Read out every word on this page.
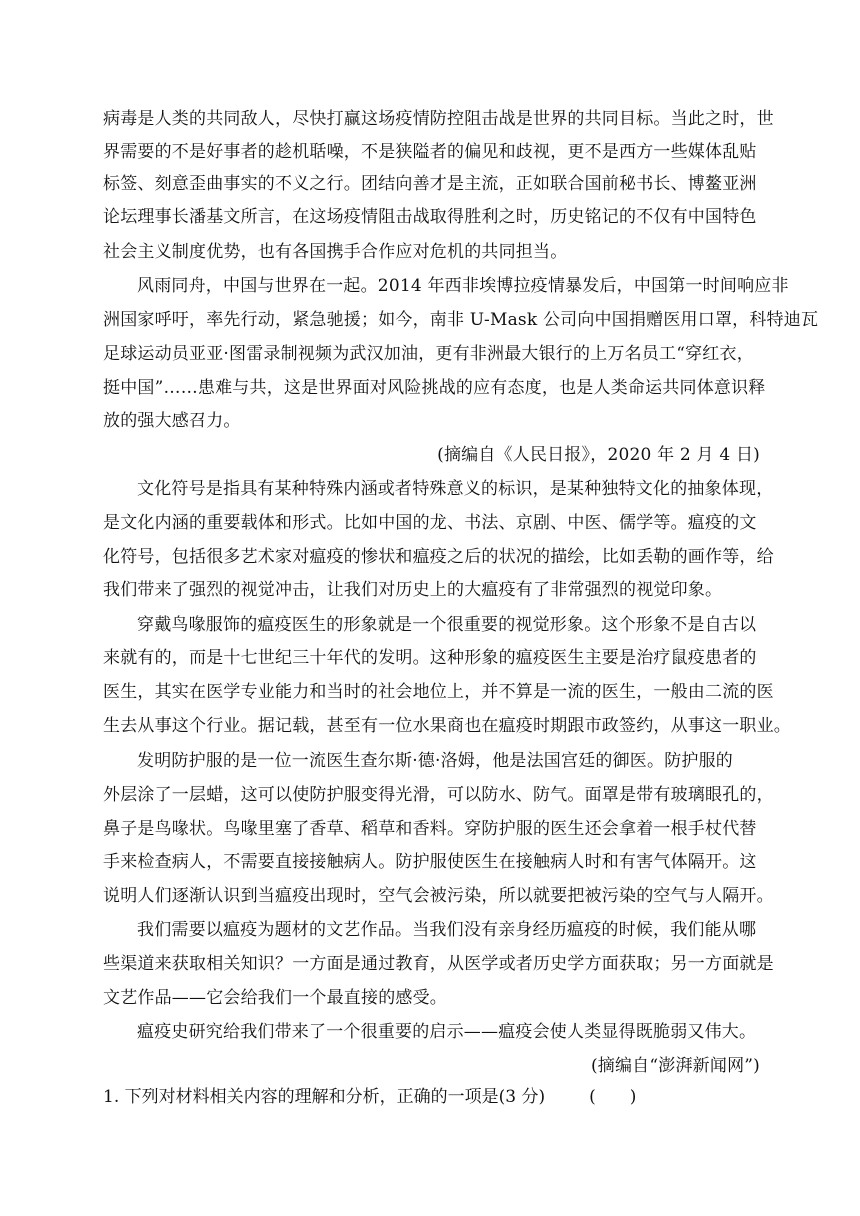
病毒是人类的共同敌人，尽快打赢这场疫情防控阻击战是世界的共同目标。当此之时，世
界需要的不是好事者的趁机聒噪，不是狭隘者的偏见和歧视，更不是西方一些媒体乱贴
标签、刻意歪曲事实的不义之行。团结向善才是主流，正如联合国前秘书长、博鳌亚洲
论坛理事长潘基文所言，在这场疫情阻击战取得胜利之时，历史铭记的不仅有中国特色
社会主义制度优势，也有各国携手合作应对危机的共同担当。
风雨同舟，中国与世界在一起。2014 年西非埃博拉疫情暴发后，中国第一时间响应非
洲国家呼吁，率先行动，紧急驰援；如今，南非 U-Mask 公司向中国捐赠医用口罩，科特迪瓦
足球运动员亚亚·图雷录制视频为武汉加油，更有非洲最大银行的上万名员工“穿红衣，
挺中国”……患难与共，这是世界面对风险挑战的应有态度，也是人类命运共同体意识释
放的强大感召力。
(摘编自《人民日报》，2020 年 2 月 4 日)
文化符号是指具有某种特殊内涵或者特殊意义的标识，是某种独特文化的抽象体现，
是文化内涵的重要载体和形式。比如中国的龙、书法、京剧、中医、儒学等。瘟疫的文
化符号，包括很多艺术家对瘟疫的惨状和瘟疫之后的状况的描绘，比如丢勒的画作等，给
我们带来了强烈的视觉冲击，让我们对历史上的大瘟疫有了非常强烈的视觉印象。
穿戴鸟喙服饰的瘟疫医生的形象就是一个很重要的视觉形象。这个形象不是自古以
来就有的，而是十七世纪三十年代的发明。这种形象的瘟疫医生主要是治疗鼠疫患者的
医生，其实在医学专业能力和当时的社会地位上，并不算是一流的医生，一般由二流的医
生去从事这个行业。据记载，甚至有一位水果商也在瘟疫时期跟市政签约，从事这一职业。
发明防护服的是一位一流医生查尔斯·德·洛姆，他是法国宫廷的御医。防护服的
外层涂了一层蜡，这可以使防护服变得光滑，可以防水、防气。面罩是带有玻璃眼孔的，
鼻子是鸟喙状。鸟喙里塞了香草、稻草和香料。穿防护服的医生还会拿着一根手杖代替
手来检查病人，不需要直接接触病人。防护服使医生在接触病人时和有害气体隔开。这
说明人们逐渐认识到当瘟疫出现时，空气会被污染，所以就要把被污染的空气与人隔开。
我们需要以瘟疫为题材的文艺作品。当我们没有亲身经历瘟疫的时候，我们能从哪
些渠道来获取相关知识？一方面是通过教育，从医学或者历史学方面获取；另一方面就是
文艺作品——它会给我们一个最直接的感受。
瘟疫史研究给我们带来了一个很重要的启示——瘟疫会使人类显得既脆弱又伟大。
(摘编自“澎湃新闻网”)
1. 下列对材料相关内容的理解和分析，正确的一项是(3 分)	(　　)
